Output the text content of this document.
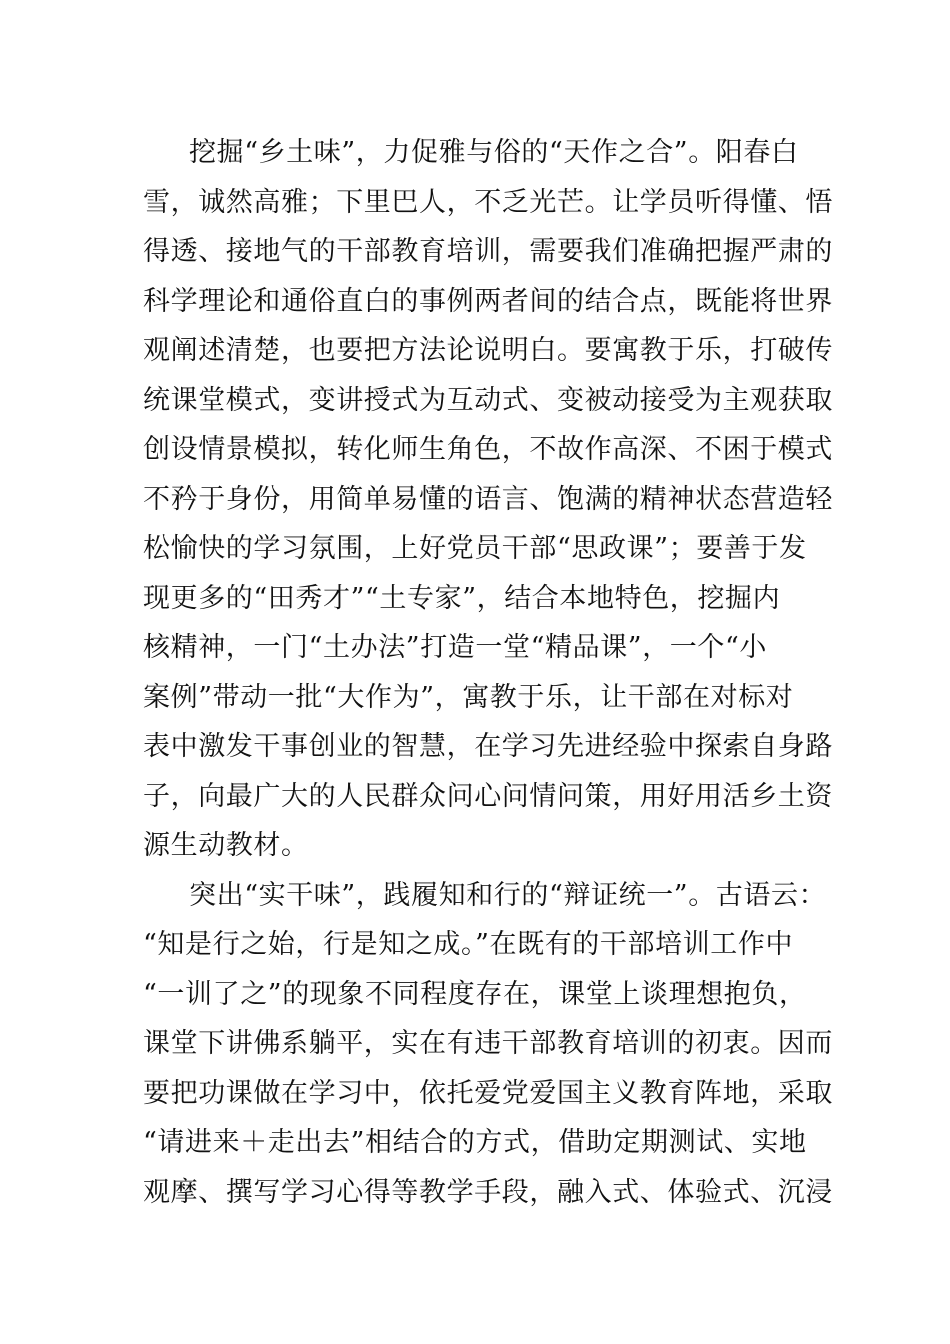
挖掘“乡土味”，力促雅与俗的“天作之合”。阳春白
雪，诚然高雅；下里巴人，不乏光芒。让学员听得懂、悟
得透、接地气的干部教育培训，需要我们准确把握严肃的
科学理论和通俗直白的事例两者间的结合点，既能将世界
观阐述清楚，也要把方法论说明白。要寓教于乐，打破传
统课堂模式，变讲授式为互动式、变被动接受为主观获取
创设情景模拟，转化师生角色，不故作高深、不困于模式
不矜于身份，用简单易懂的语言、饱满的精神状态营造轻
松愉快的学习氛围，上好党员干部“思政课”；要善于发
现更多的“田秀才”“土专家”，结合本地特色，挖掘内
核精神，一门“土办法”打造一堂“精品课”，一个“小
案例”带动一批“大作为”，寓教于乐，让干部在对标对
表中激发干事创业的智慧，在学习先进经验中探索自身路
子，向最广大的人民群众问心问情问策，用好用活乡土资
源生动教材。
突出“实干味”，践履知和行的“辩证统一”。古语云：
“知是行之始，行是知之成。”在既有的干部培训工作中
“一训了之”的现象不同程度存在，课堂上谈理想抱负，
课堂下讲佛系躺平，实在有违干部教育培训的初衷。因而
要把功课做在学习中，依托爱党爱国主义教育阵地，采取
“请进来＋走出去”相结合的方式，借助定期测试、实地
观摩、撰写学习心得等教学手段，融入式、体验式、沉浸
